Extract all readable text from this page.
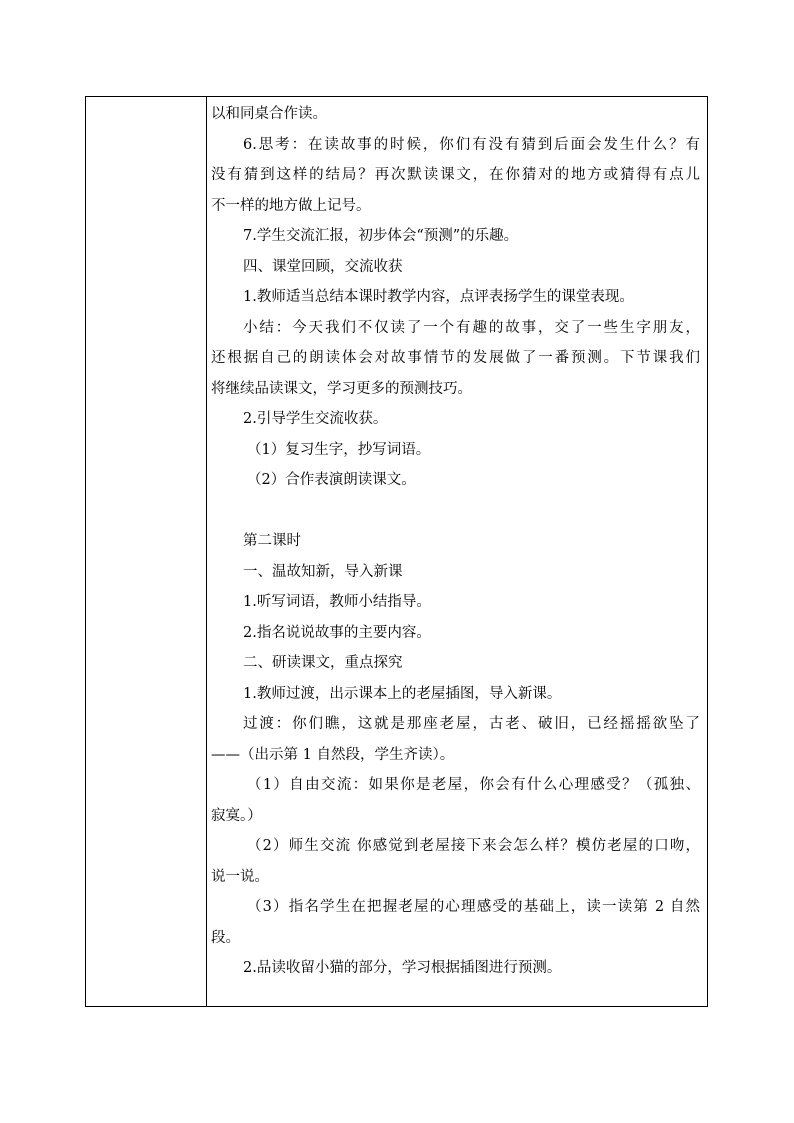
以和同桌合作读。
6.思考：在读故事的时候，你们有没有猜到后面会发生什么？有
没有猜到这样的结局？再次默读课文，在你猜对的地方或猜得有点儿
不一样的地方做上记号。
7.学生交流汇报，初步体会“预测”的乐趣。
四、课堂回顾，交流收获
1.教师适当总结本课时教学内容，点评表扬学生的课堂表现。
小结：今天我们不仅读了一个有趣的故事，交了一些生字朋友，
还根据自己的朗读体会对故事情节的发展做了一番预测。下节课我们
将继续品读课文，学习更多的预测技巧。
2.引导学生交流收获。
（1）复习生字，抄写词语。
（2）合作表演朗读课文。
第二课时
一、温故知新，导入新课
1.听写词语，教师小结指导。
2.指名说说故事的主要内容。
二、研读课文，重点探究
1.教师过渡，出示课本上的老屋插图，导入新课。
过渡：你们瞧，这就是那座老屋，古老、破旧，已经摇摇欲坠了
——（出示第 1 自然段，学生齐读）。
（1）自由交流：如果你是老屋，你会有什么心理感受？（孤独、
寂寞。）
（2）师生交流 你感觉到老屋接下来会怎么样？模仿老屋的口吻，
说一说。
（3）指名学生在把握老屋的心理感受的基础上，读一读第 2 自然
段。
2.品读收留小猫的部分，学习根据插图进行预测。
